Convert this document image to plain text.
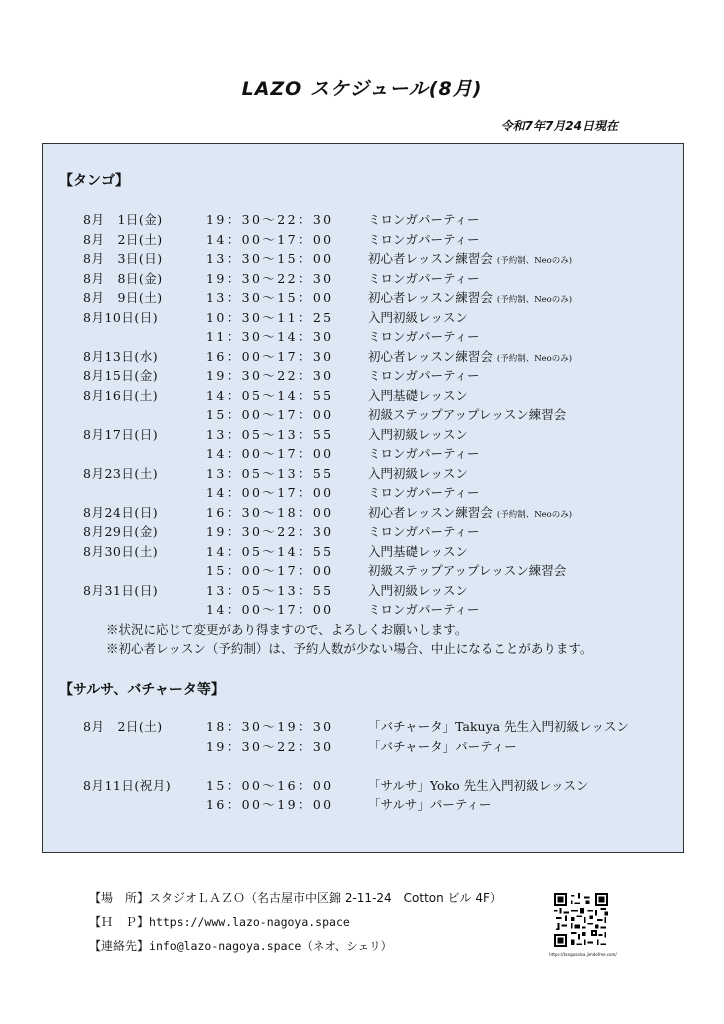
LAZO スケジュール(8月)
令和7年7月24日現在
【タンゴ】
8月　1日(金)	19：30～22：30	ミロンガパーティー
8月　2日(土)	14：00～17：00	ミロンガパーティー
8月　3日(日)	13：30～15：00	初心者レッスン練習会 (予約制、Neoのみ)
8月　8日(金)	19：30～22：30	ミロンガパーティー
8月　9日(土)	13：30～15：00	初心者レッスン練習会 (予約制、Neoのみ)
8月10日(日)	10：30～11：25	入門初級レッスン
11：30～14：30	ミロンガパーティー
8月13日(水)	16：00～17：30	初心者レッスン練習会 (予約制、Neoのみ)
8月15日(金)	19：30～22：30	ミロンガパーティー
8月16日(土)	14：05～14：55	入門基礎レッスン
15：00～17：00	初級ステップアップレッスン練習会
8月17日(日)	13：05～13：55	入門初級レッスン
14：00～17：00	ミロンガパーティー
8月23日(土)	13：05～13：55	入門初級レッスン
14：00～17：00	ミロンガパーティー
8月24日(日)	16：30～18：00	初心者レッスン練習会 (予約制、Neoのみ)
8月29日(金)	19：30～22：30	ミロンガパーティー
8月30日(土)	14：05～14：55	入門基礎レッスン
15：00～17：00	初級ステップアップレッスン練習会
8月31日(日)	13：05～13：55	入門初級レッスン
14：00～17：00	ミロンガパーティー
※状況に応じて変更があり得ますので、よろしくお願いします。
※初心者レッスン（予約制）は、予約人数が少ない場合、中止になることがあります。
【サルサ、バチャータ等】
8月　2日(土)	18：30～19：30	「バチャータ」Takuya 先生入門初級レッスン
19：30～22：30	「バチャータ」パーティー
8月11日(祝月)	15：00～16：00	「サルサ」Yoko 先生入門初級レッスン
16：00～19：00	「サルサ」パーティー
【場　所】スタジオＬＡＺＯ（名古屋市中区錦 2-11-24　Cotton ビル 4F）
【Ｈ　Ｐ】https://www.lazo-nagoya.space
【連絡先】info@lazo-nagoya.space（ネオ、シェリ）
https://tangosalsa.jimdofree.com/
